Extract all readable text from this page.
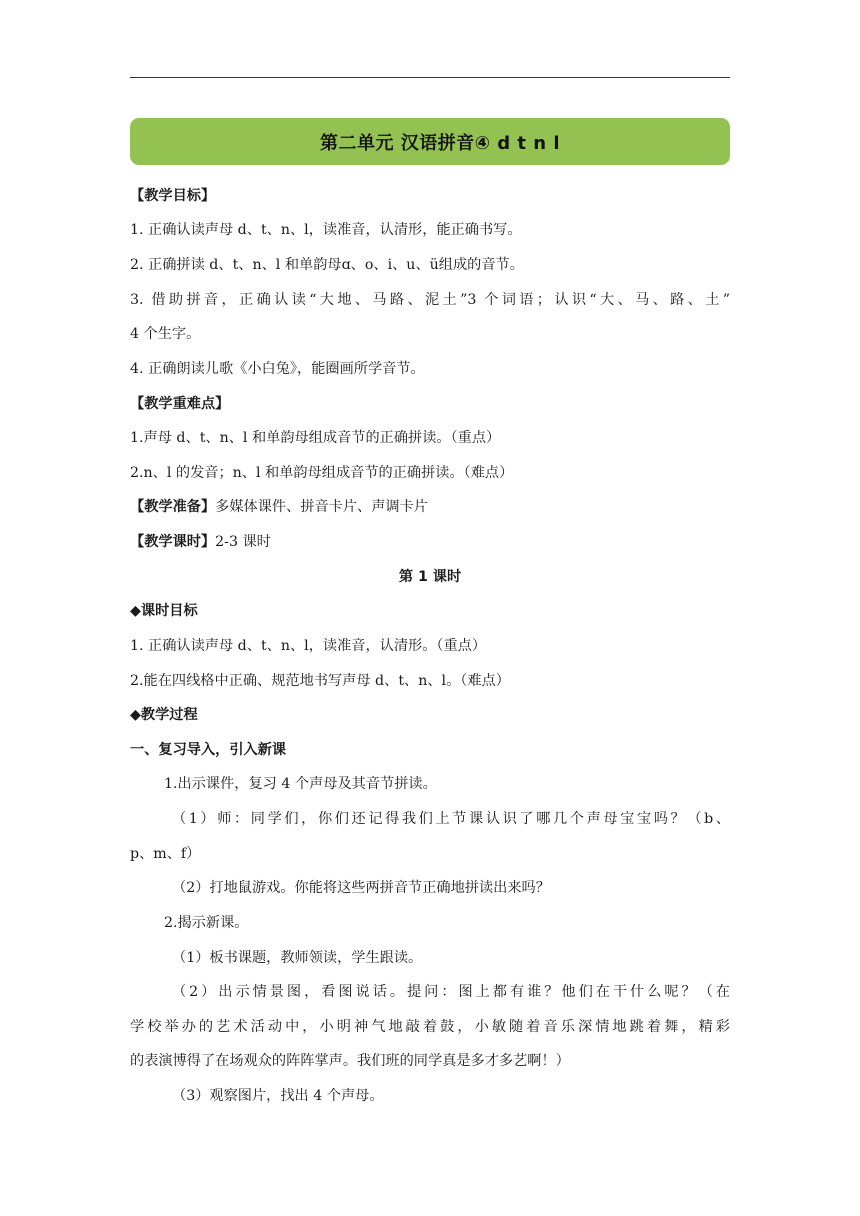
第二单元 汉语拼音④ d t n l
【教学目标】
1. 正确认读声母 d、t、n、l，读准音，认清形，能正确书写。
2. 正确拼读 d、t、n、l 和单韵母ɑ、o、i、u、ü组成的音节。
3. 借助拼音，正确认读“大地、马路、泥土”3 个词语；认识“大、马、路、土”
4 个生字。
4. 正确朗读儿歌《小白兔》，能圈画所学音节。
【教学重难点】
1.声母 d、t、n、l 和单韵母组成音节的正确拼读。（重点）
2.n、l 的发音；n、l 和单韵母组成音节的正确拼读。（难点）
【教学准备】多媒体课件、拼音卡片、声调卡片
【教学课时】2-3 课时
第 1 课时
◆课时目标
1. 正确认读声母 d、t、n、l，读准音，认清形。（重点）
2.能在四线格中正确、规范地书写声母 d、t、n、l。（难点）
◆教学过程
一、复习导入，引入新课
1.出示课件，复习 4 个声母及其音节拼读。
（1）师：同学们，你们还记得我们上节课认识了哪几个声母宝宝吗？（b、
p、m、f）
（2）打地鼠游戏。你能将这些两拼音节正确地拼读出来吗？
2.揭示新课。
（1）板书课题，教师领读，学生跟读。
（2）出示情景图，看图说话。提问：图上都有谁？他们在干什么呢？（在
学校举办的艺术活动中，小明神气地敲着鼓，小敏随着音乐深情地跳着舞，精彩
的表演博得了在场观众的阵阵掌声。我们班的同学真是多才多艺啊！）
（3）观察图片，找出 4 个声母。
